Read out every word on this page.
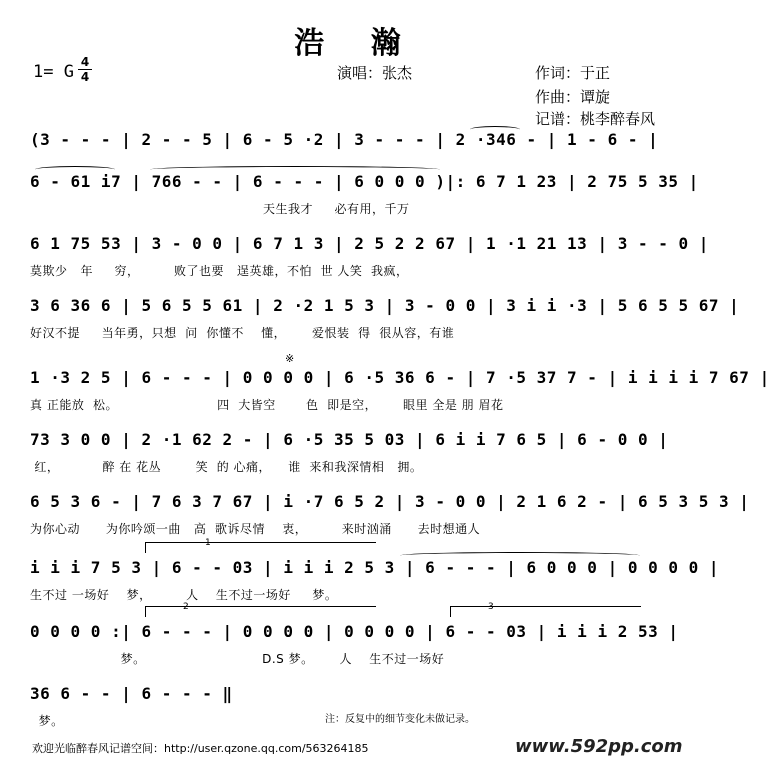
浩 瀚
1= G 4
4	演唱：张杰	作词：于正
作曲：谭旋
记谱：桃李醉春风
(3 - - - | 2 - - 5 | 6 - 5 ·2 | 3 - - - | 2 ·346 - | 1 - 6 - |
6 - 61 i7 | 766 - - | 6 - - - | 6 0 0 0 )|: 6 7 1 23 | 2 75 5 35 |
天生我才     必有用，千万
6 1 75 53 | 3 - 0 0 | 6 7 1 3 | 2 5 2 2 67 | 1 ·1 21 13 | 3 - - 0 |
莫欺少   年     穷，        败了也要   逞英雄，不怕  世 人笑  我疯，
3 6 36 6 | 5 6 5 5 61 | 2 ·2 1 5 3 | 3 - 0 0 | 3 i i ·3 | 5 6 5 5 67 |
好汉不提     当年勇，只想  问  你懂不    懂，      爱恨装  得  很从容，有谁
1 ·3 2 5 | 6 - - - | 0 0 0 0 | 6 ·5 36 6 - | 7 ·5 37 7 - | i i i i 7 67 |
真 正能放  松。                       四  大皆空       色  即是空，      眼里 全是 朋 眉花
※
73 3 0 0 | 2 ·1 62 2 - | 6 ·5 35 5 03 | 6 i i 7 6 5 | 6 - 0 0 |
红，          醉 在 花丛        笑  的 心痛，    谁  来和我深情相   拥。
6 5 3 6 - | 7 6 3 7 67 | i ·7 6 5 2 | 3 - 0 0 | 2 1 6 2 - | 6 5 3 5 3 |
为你心动      为你吟颂一曲   高  歌诉尽情    衷，        来时汹涌      去时想通人
1
i i i 7 5 3 | 6 - - 03 | i i i 2 5 3 | 6 - - - | 6 0 0 0 | 0 0 0 0 |
生不过 一场好    梦，        人    生不过一场好     梦。
2	3
0 0 0 0 :| 6 - - - | 0 0 0 0 | 0 0 0 0 | 6 - - 03 | i i i 2 53 |
梦。                           D.S 梦。      人    生不过一场好
36 6 - - | 6 - - - ‖
梦。	注：反复中的细节变化未做记录。
欢迎光临醉春风记谱空间：http://user.qzone.qq.com/563264185	www.592pp.com
